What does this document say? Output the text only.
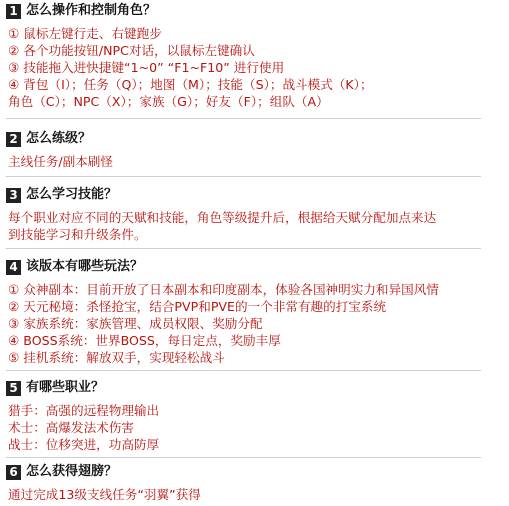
1 怎么操作和控制角色？
① 鼠标左键行走、右键跑步
② 各个功能按钮/NPC对话，以鼠标左键确认
③ 技能拖入进快捷键“1~0” “F1~F10” 进行使用
④ 背包（I）；任务（Q）；地图（M）；技能（S）；战斗模式（K）；
角色（C）；NPC（X）；家族（G）；好友（F）；组队（A）
2 怎么练级？
主线任务/副本刷怪
3 怎么学习技能？
每个职业对应不同的天赋和技能，角色等级提升后，根据给天赋分配加点来达
到技能学习和升级条件。
4 该版本有哪些玩法？
① 众神副本：目前开放了日本副本和印度副本，体验各国神明实力和异国风情
② 天元秘境：杀怪抢宝，结合PVP和PVE的一个非常有趣的打宝系统
③ 家族系统：家族管理、成员权限、奖励分配
④ BOSS系统：世界BOSS，每日定点，奖励丰厚
⑤ 挂机系统：解放双手，实现轻松战斗
5 有哪些职业？
猎手：高强的远程物理输出
术士：高爆发法术伤害
战士：位移突进，功高防厚
6 怎么获得翅膀？
通过完成13级支线任务“羽翼”获得
